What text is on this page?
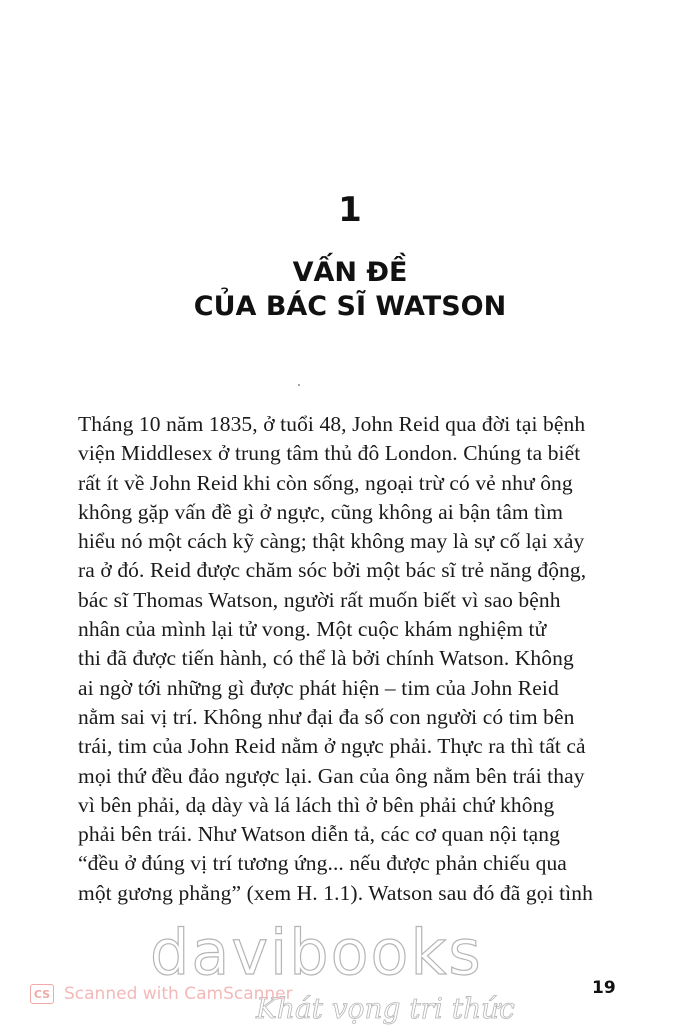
1
VẤN ĐỀ
CỦA BÁC SĨ WATSON
Tháng 10 năm 1835, ở tuổi 48, John Reid qua đời tại bệnh
viện Middlesex ở trung tâm thủ đô London. Chúng ta biết
rất ít về John Reid khi còn sống, ngoại trừ có vẻ như ông
không gặp vấn đề gì ở ngực, cũng không ai bận tâm tìm
hiểu nó một cách kỹ càng; thật không may là sự cố lại xảy
ra ở đó. Reid được chăm sóc bởi một bác sĩ trẻ năng động,
bác sĩ Thomas Watson, người rất muốn biết vì sao bệnh
nhân của mình lại tử vong. Một cuộc khám nghiệm tử
thi đã được tiến hành, có thể là bởi chính Watson. Không
ai ngờ tới những gì được phát hiện – tim của John Reid
nằm sai vị trí. Không như đại đa số con người có tim bên
trái, tim của John Reid nằm ở ngực phải. Thực ra thì tất cả
mọi thứ đều đảo ngược lại. Gan của ông nằm bên trái thay
vì bên phải, dạ dày và lá lách thì ở bên phải chứ không
phải bên trái. Như Watson diễn tả, các cơ quan nội tạng
“đều ở đúng vị trí tương ứng... nếu được phản chiếu qua
một gương phẳng” (xem H. 1.1). Watson sau đó đã gọi tình
davibooks
Khát vọng tri thức
CS Scanned with CamScanner	19
